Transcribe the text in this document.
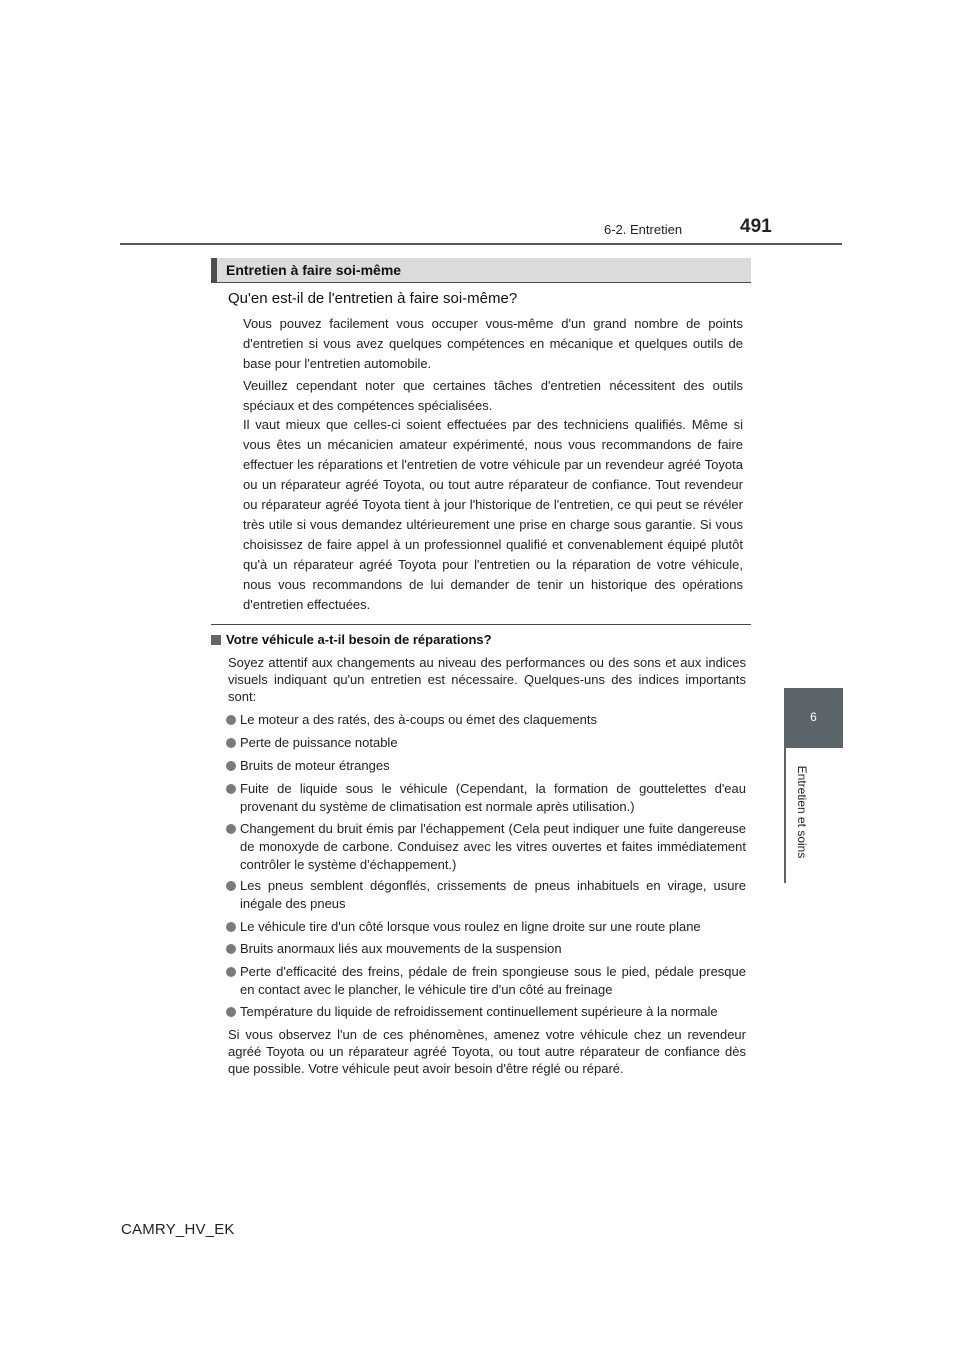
6-2. Entretien	491
6
Entretien et soins
Entretien à faire soi-même
Qu'en est-il de l'entretien à faire soi-même?

Vous pouvez facilement vous occuper vous-même d'un grand nombre de points d'entretien si vous avez quelques compétences en mécanique et quelques outils de base pour l'entretien automobile.

Veuillez cependant noter que certaines tâches d'entretien nécessitent des outils spéciaux et des compétences spécialisées.

Il vaut mieux que celles-ci soient effectuées par des techniciens qualifiés. Même si vous êtes un mécanicien amateur expérimenté, nous vous recommandons de faire effectuer les réparations et l'entretien de votre véhicule par un revendeur agréé Toyota ou un réparateur agréé Toyota, ou tout autre réparateur de confiance. Tout revendeur ou réparateur agréé Toyota tient à jour l'historique de l'entretien, ce qui peut se révéler très utile si vous demandez ultérieurement une prise en charge sous garantie. Si vous choisissez de faire appel à un professionnel qualifié et convenablement équipé plutôt qu'à un réparateur agréé Toyota pour l'entretien ou la réparation de votre véhicule, nous vous recommandons de lui demander de tenir un historique des opérations d'entretien effectuées.

Votre véhicule a-t-il besoin de réparations?

Soyez attentif aux changements au niveau des performances ou des sons et aux indices visuels indiquant qu'un entretien est nécessaire. Quelques-uns des indices importants sont:

Le moteur a des ratés, des à-coups ou émet des claquements
Perte de puissance notable
Bruits de moteur étranges
Fuite de liquide sous le véhicule (Cependant, la formation de gouttelettes d'eau provenant du système de climatisation est normale après utilisation.)
Changement du bruit émis par l'échappement (Cela peut indiquer une fuite dangereuse de monoxyde de carbone. Conduisez avec les vitres ouvertes et faites immédiatement contrôler le système d'échappement.)
Les pneus semblent dégonflés, crissements de pneus inhabituels en virage, usure inégale des pneus
Le véhicule tire d'un côté lorsque vous roulez en ligne droite sur une route plane
Bruits anormaux liés aux mouvements de la suspension
Perte d'efficacité des freins, pédale de frein spongieuse sous le pied, pédale presque en contact avec le plancher, le véhicule tire d'un côté au freinage
Température du liquide de refroidissement continuellement supérieure à la normale

Si vous observez l'un de ces phénomènes, amenez votre véhicule chez un revendeur agréé Toyota ou un réparateur agréé Toyota, ou tout autre réparateur de confiance dès que possible. Votre véhicule peut avoir besoin d'être réglé ou réparé.

CAMRY_HV_EK
